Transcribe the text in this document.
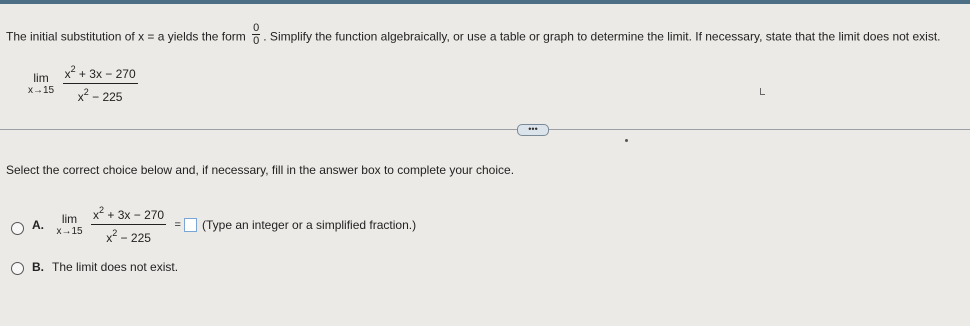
The initial substitution of x = a yields the form $\frac{0}{0}$ . Simplify the function algebraically, or use a table or graph to determine the limit. If necessary, state that the limit does not exist.
lim
x→15
$\frac{x^2 + 3x - 270}{x^2 - 225}$
•••
Select the correct choice below and, if necessary, fill in the answer box to complete your choice.
A.	lim
x→15
$\frac{x^2 + 3x - 270}{x^2 - 225}$ = (Type an integer or a simplified fraction.)
B. The limit does not exist.
